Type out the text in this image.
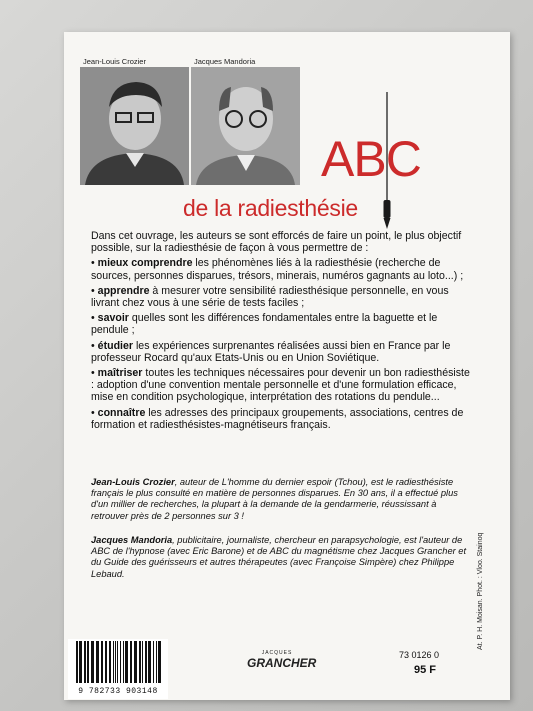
Jean-Louis Crozier	Jacques Mandoria
ABC
de la radiesthésie

Dans cet ouvrage, les auteurs se sont efforcés de faire un point, le plus objectif possible, sur la radiesthésie de façon à vous permettre de :

• mieux comprendre les phénomènes liés à la radiesthésie (recherche de sources, personnes disparues, trésors, minerais, numéros gagnants au loto...) ;

• apprendre à mesurer votre sensibilité radiesthésique personnelle, en vous livrant chez vous à une série de tests faciles ;

• savoir quelles sont les différences fondamentales entre la baguette et le pendule ;

• étudier les expériences surprenantes réalisées aussi bien en France par le professeur Rocard qu'aux Etats-Unis ou en Union Soviétique.

• maîtriser toutes les techniques nécessaires pour devenir un bon radiesthésiste : adoption d'une convention mentale personnelle et d'une formulation efficace, mise en condition psychologique, interprétation des rotations du pendule...

• connaître les adresses des principaux groupements, associations, centres de formation et radiesthésistes-magnétiseurs français.

Jean-Louis Crozier, auteur de L'homme du dernier espoir (Tchou), est le radiesthésiste français le plus consulté en matière de personnes disparues. En 30 ans, il a effectué plus d'un millier de recherches, la plupart à la demande de la gendarmerie, réussissant à retrouver près de 2 personnes sur 3 !
Jacques Mandoria, publicitaire, journaliste, chercheur en parapsychologie, est l'auteur de ABC de l'hypnose (avec Eric Barone) et de ABC du magnétisme chez Jacques Grancher et du Guide des guérisseurs et autres thérapeutes (avec Françoise Simpère) chez Philippe Lebaud.	At. P. H. Moisan. Phot. : Vloo. Stainoq
9 782733 903148
JACQUES
GRANCHER
73 0126 0
95 F
